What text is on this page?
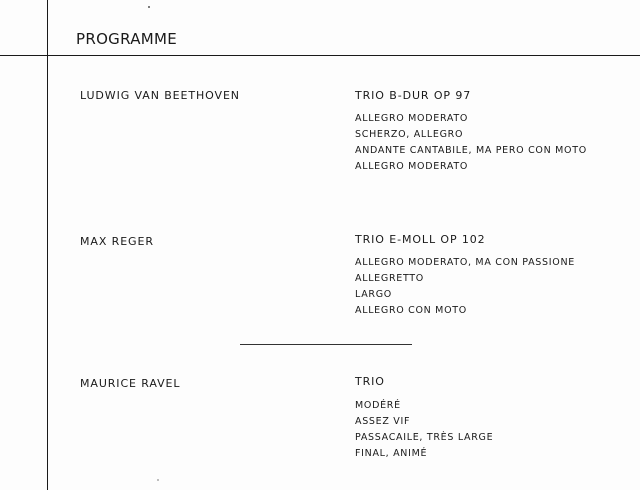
PROGRAMME
LUDWIG VAN BEETHOVEN	TRIO B-DUR OP 97
ALLEGRO MODERATO
SCHERZO, ALLEGRO
ANDANTE CANTABILE, MA PERO CON MOTO
ALLEGRO MODERATO
MAX REGER	TRIO E-MOLL OP 102
ALLEGRO MODERATO, MA CON PASSIONE
ALLEGRETTO
LARGO
ALLEGRO CON MOTO
MAURICE RAVEL	TRIO
MODÉRÉ
ASSEZ VIF
PASSACAILE, TRÈS LARGE
FINAL, ANIMÉ
